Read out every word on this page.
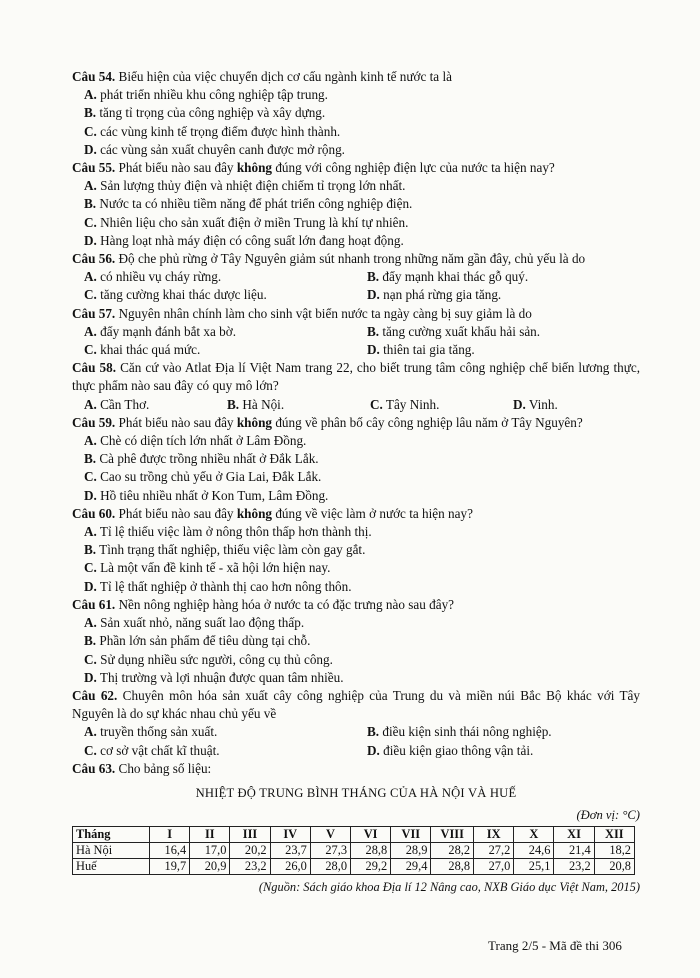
Câu 54. Biểu hiện của việc chuyển dịch cơ cấu ngành kinh tế nước ta là
A. phát triển nhiều khu công nghiệp tập trung.
B. tăng tỉ trọng của công nghiệp và xây dựng.
C. các vùng kinh tế trọng điểm được hình thành.
D. các vùng sản xuất chuyên canh được mở rộng.
Câu 55. Phát biểu nào sau đây không đúng với công nghiệp điện lực của nước ta hiện nay?
A. Sản lượng thủy điện và nhiệt điện chiếm tỉ trọng lớn nhất.
B. Nước ta có nhiều tiềm năng để phát triển công nghiệp điện.
C. Nhiên liệu cho sản xuất điện ở miền Trung là khí tự nhiên.
D. Hàng loạt nhà máy điện có công suất lớn đang hoạt động.
Câu 56. Độ che phủ rừng ở Tây Nguyên giảm sút nhanh trong những năm gần đây, chủ yếu là do
A. có nhiều vụ cháy rừng.	B. đẩy mạnh khai thác gỗ quý.
C. tăng cường khai thác dược liệu.	D. nạn phá rừng gia tăng.
Câu 57. Nguyên nhân chính làm cho sinh vật biển nước ta ngày càng bị suy giảm là do
A. đẩy mạnh đánh bắt xa bờ.	B. tăng cường xuất khẩu hải sản.
C. khai thác quá mức.	D. thiên tai gia tăng.
Câu 58. Căn cứ vào Atlat Địa lí Việt Nam trang 22, cho biết trung tâm công nghiệp chế biến lương thực, thực phẩm nào sau đây có quy mô lớn?
A. Cần Thơ.	B. Hà Nội.	C. Tây Ninh.	D. Vinh.
Câu 59. Phát biểu nào sau đây không đúng về phân bố cây công nghiệp lâu năm ở Tây Nguyên?
A. Chè có diện tích lớn nhất ở Lâm Đồng.
B. Cà phê được trồng nhiều nhất ở Đắk Lắk.
C. Cao su trồng chủ yếu ở Gia Lai, Đắk Lắk.
D. Hồ tiêu nhiều nhất ở Kon Tum, Lâm Đồng.
Câu 60. Phát biểu nào sau đây không đúng về việc làm ở nước ta hiện nay?
A. Tỉ lệ thiếu việc làm ở nông thôn thấp hơn thành thị.
B. Tình trạng thất nghiệp, thiếu việc làm còn gay gắt.
C. Là một vấn đề kinh tế - xã hội lớn hiện nay.
D. Tỉ lệ thất nghiệp ở thành thị cao hơn nông thôn.
Câu 61. Nền nông nghiệp hàng hóa ở nước ta có đặc trưng nào sau đây?
A. Sản xuất nhỏ, năng suất lao động thấp.
B. Phần lớn sản phẩm để tiêu dùng tại chỗ.
C. Sử dụng nhiều sức người, công cụ thủ công.
D. Thị trường và lợi nhuận được quan tâm nhiều.
Câu 62. Chuyên môn hóa sản xuất cây công nghiệp của Trung du và miền núi Bắc Bộ khác với Tây Nguyên là do sự khác nhau chủ yếu về
A. truyền thống sản xuất.	B. điều kiện sinh thái nông nghiệp.
C. cơ sở vật chất kĩ thuật.	D. điều kiện giao thông vận tải.
Câu 63. Cho bảng số liệu:
NHIỆT ĐỘ TRUNG BÌNH THÁNG CỦA HÀ NỘI VÀ HUẾ
(Đơn vị: °C)
Tháng	I	II	III	IV	V	VI	VII	VIII	IX	X	XI	XII
Hà Nội	16,4	17,0	20,2	23,7	27,3	28,8	28,9	28,2	27,2	24,6	21,4	18,2
Huế	19,7	20,9	23,2	26,0	28,0	29,2	29,4	28,8	27,0	25,1	23,2	20,8
(Nguồn: Sách giáo khoa Địa lí 12 Nâng cao, NXB Giáo dục Việt Nam, 2015)
Trang 2/5 - Mã đề thi 306
